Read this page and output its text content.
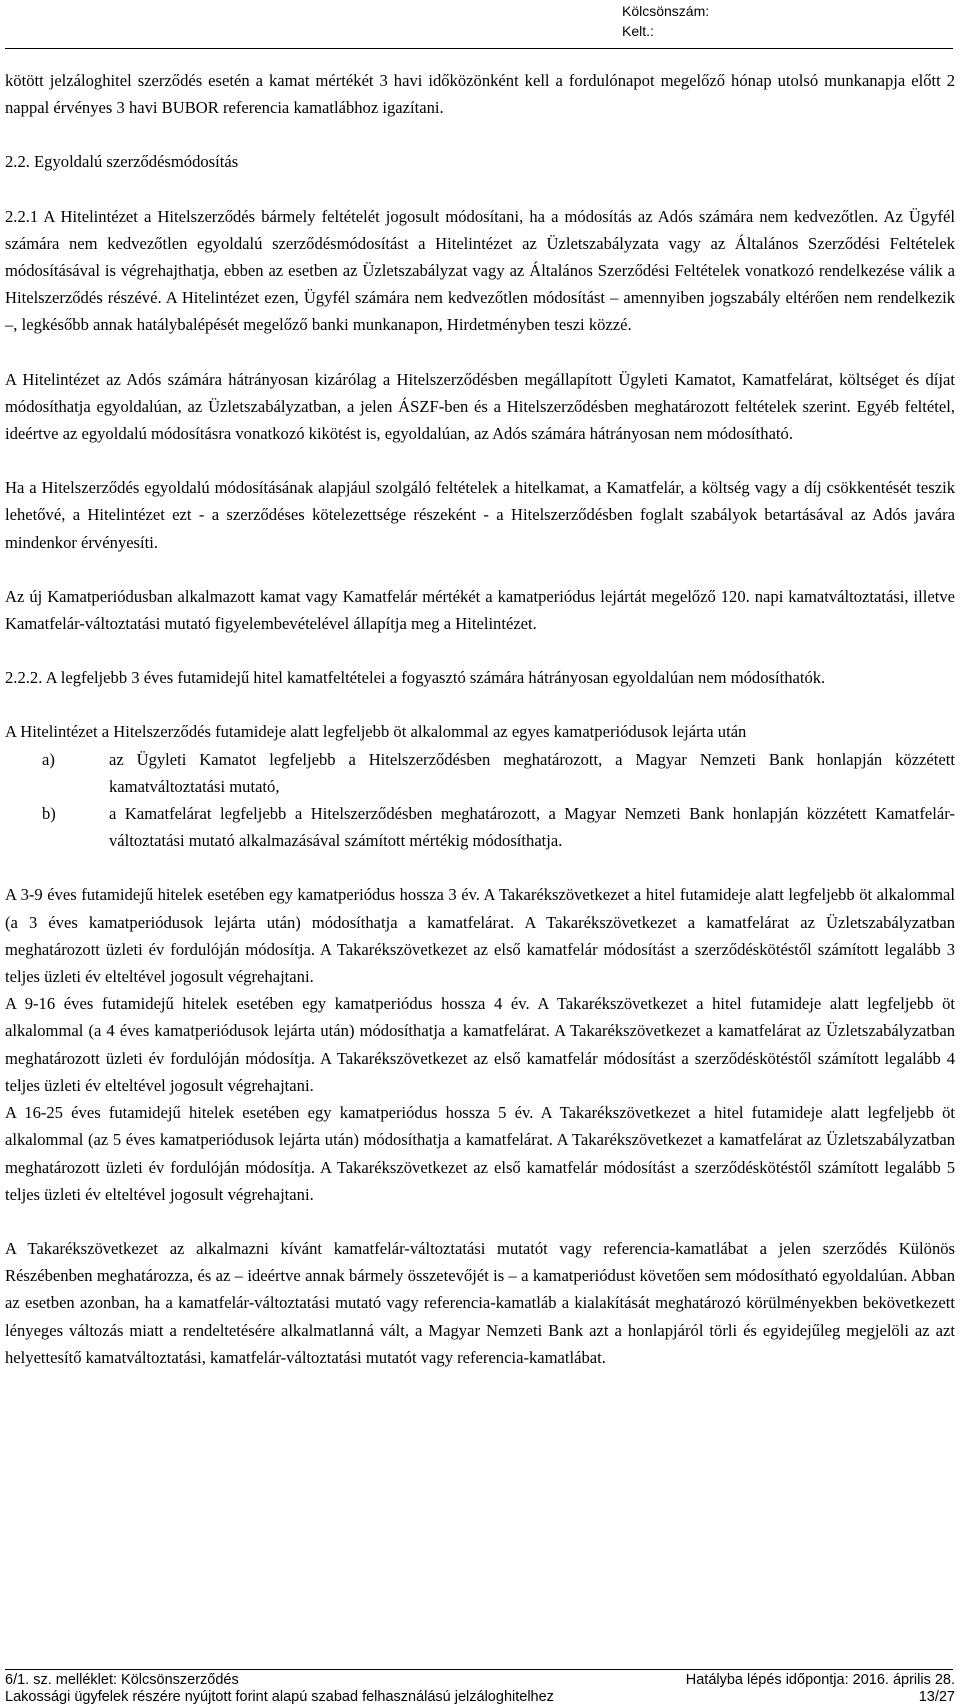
Kölcsönszám:
Kelt.:

kötött jelzáloghitel szerződés esetén a kamat mértékét 3 havi időközönként kell a fordulónapot megelőző hónap utolsó munkanapja előtt 2 nappal érvényes 3 havi BUBOR referencia kamatlábhoz igazítani.

2.2. Egyoldalú szerződésmódosítás

2.2.1 A Hitelintézet a Hitelszerződés bármely feltételét jogosult módosítani, ha a módosítás az Adós számára nem kedvezőtlen. Az Ügyfél számára nem kedvezőtlen egyoldalú szerződésmódosítást a Hitelintézet az Üzletszabályzata vagy az Általános Szerződési Feltételek módosításával is végrehajthatja, ebben az esetben az Üzletszabályzat vagy az Általános Szerződési Feltételek vonatkozó rendelkezése válik a Hitelszerződés részévé. A Hitelintézet ezen, Ügyfél számára nem kedvezőtlen módosítást – amennyiben jogszabály eltérően nem rendelkezik –, legkésőbb annak hatálybalépését megelőző banki munkanapon, Hirdetményben teszi közzé.

A Hitelintézet az Adós számára hátrányosan kizárólag a Hitelszerződésben megállapított Ügyleti Kamatot, Kamatfelárat, költséget és díjat módosíthatja egyoldalúan, az Üzletszabályzatban, a jelen ÁSZF-ben és a Hitelszerződésben meghatározott feltételek szerint. Egyéb feltétel, ideértve az egyoldalú módosításra vonatkozó kikötést is, egyoldalúan, az Adós számára hátrányosan nem módosítható.

Ha a Hitelszerződés egyoldalú módosításának alapjául szolgáló feltételek a hitelkamat, a Kamatfelár, a költség vagy a díj csökkentését teszik lehetővé, a Hitelintézet ezt - a szerződéses kötelezettsége részeként - a Hitelszerződésben foglalt szabályok betartásával az Adós javára mindenkor érvényesíti.

Az új Kamatperiódusban alkalmazott kamat vagy Kamatfelár mértékét a kamatperiódus lejártát megelőző 120. napi kamatváltoztatási, illetve Kamatfelár-változtatási mutató figyelembevételével állapítja meg a Hitelintézet.

2.2.2. A legfeljebb 3 éves futamidejű hitel kamatfeltételei a fogyasztó számára hátrányosan egyoldalúan nem módosíthatók.

A Hitelintézet a Hitelszerződés futamideje alatt legfeljebb öt alkalommal az egyes kamatperiódusok lejárta után

a)	az Ügyleti Kamatot legfeljebb a Hitelszerződésben meghatározott, a Magyar Nemzeti Bank honlapján közzétett kamatváltoztatási mutató,
b)	a Kamatfelárat legfeljebb a Hitelszerződésben meghatározott, a Magyar Nemzeti Bank honlapján közzétett Kamatfelár-változtatási mutató alkalmazásával számított mértékig módosíthatja.

A 3-9 éves futamidejű hitelek esetében egy kamatperiódus hossza 3 év. A Takarékszövetkezet a hitel futamideje alatt legfeljebb öt alkalommal (a 3 éves kamatperiódusok lejárta után) módosíthatja a kamatfelárat. A Takarékszövetkezet a kamatfelárat az Üzletszabályzatban meghatározott üzleti év fordulóján módosítja. A Takarékszövetkezet az első kamatfelár módosítást a szerződéskötéstől számított legalább 3 teljes üzleti év elteltével jogosult végrehajtani.

A 9-16 éves futamidejű hitelek esetében egy kamatperiódus hossza 4 év. A Takarékszövetkezet a hitel futamideje alatt legfeljebb öt alkalommal (a 4 éves kamatperiódusok lejárta után) módosíthatja a kamatfelárat. A Takarékszövetkezet a kamatfelárat az Üzletszabályzatban meghatározott üzleti év fordulóján módosítja. A Takarékszövetkezet az első kamatfelár módosítást a szerződéskötéstől számított legalább 4 teljes üzleti év elteltével jogosult végrehajtani.

A 16-25 éves futamidejű hitelek esetében egy kamatperiódus hossza 5 év. A Takarékszövetkezet a hitel futamideje alatt legfeljebb öt alkalommal (az 5 éves kamatperiódusok lejárta után) módosíthatja a kamatfelárat. A Takarékszövetkezet a kamatfelárat az Üzletszabályzatban meghatározott üzleti év fordulóján módosítja. A Takarékszövetkezet az első kamatfelár módosítást a szerződéskötéstől számított legalább 5 teljes üzleti év elteltével jogosult végrehajtani.

A Takarékszövetkezet az alkalmazni kívánt kamatfelár-változtatási mutatót vagy referencia-kamatlábat a jelen szerződés Különös Részébenben meghatározza, és az – ideértve annak bármely összetevőjét is – a kamatperiódust követően sem módosítható egyoldalúan. Abban az esetben azonban, ha a kamatfelár-változtatási mutató vagy referencia-kamatláb a kialakítását meghatározó körülményekben bekövetkezett lényeges változás miatt a rendeltetésére alkalmatlanná vált, a Magyar Nemzeti Bank azt a honlapjáról törli és egyidejűleg megjelöli az azt helyettesítő kamatváltoztatási, kamatfelár-változtatási mutatót vagy referencia-kamatlábat.

6/1. sz. melléklet: Kölcsönszerződés	Hatályba lépés időpontja: 2016. április 28.
Lakossági ügyfelek részére nyújtott forint alapú szabad felhasználású jelzáloghitelhez	13/27
